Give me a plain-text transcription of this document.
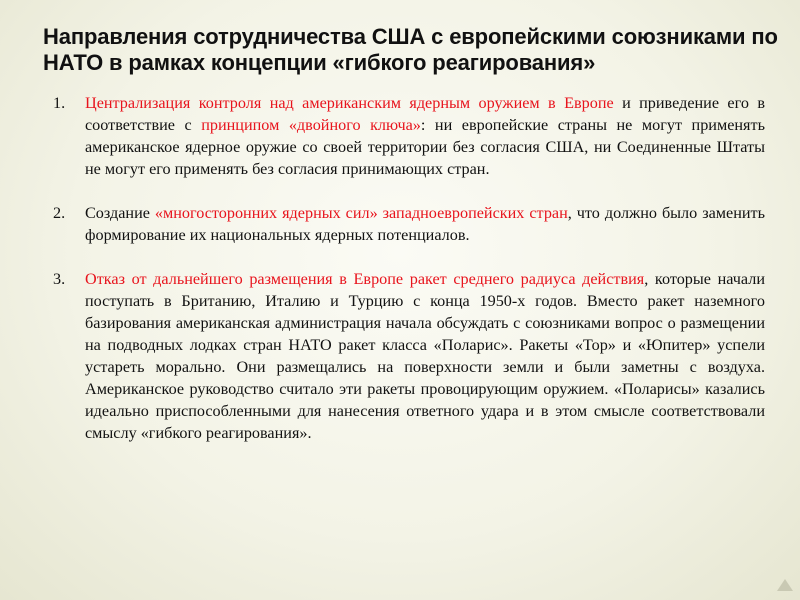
Направления сотрудничества США с европейскими союзниками по НАТО в рамках концепции «гибкого реагирования»
1. Централизация контроля над американским ядерным оружием в Европе и приведение его в соответствие с принципом «двойного ключа»: ни европейские страны не могут применять американское ядерное оружие со своей территории без согласия США, ни Соединенные Штаты не могут его применять без согласия принимающих стран.
2. Создание «многосторонних ядерных сил» западноевропейских стран, что должно было заменить формирование их национальных ядерных потенциалов.
3. Отказ от дальнейшего размещения в Европе ракет среднего радиуса действия, которые начали поступать в Британию, Италию и Турцию с конца 1950-х годов. Вместо ракет наземного базирования американская администрация начала обсуждать с союзниками вопрос о размещении на подводных лодках стран НАТО ракет класса «Поларис». Ракеты «Тор» и «Юпитер» успели устареть морально. Они размещались на поверхности земли и были заметны с воздуха. Американское руководство считало эти ракеты провоцирующим оружием. «Поларисы» казались идеально приспособленными для нанесения ответного удара и в этом смысле соответствовали смыслу «гибкого реагирования».
